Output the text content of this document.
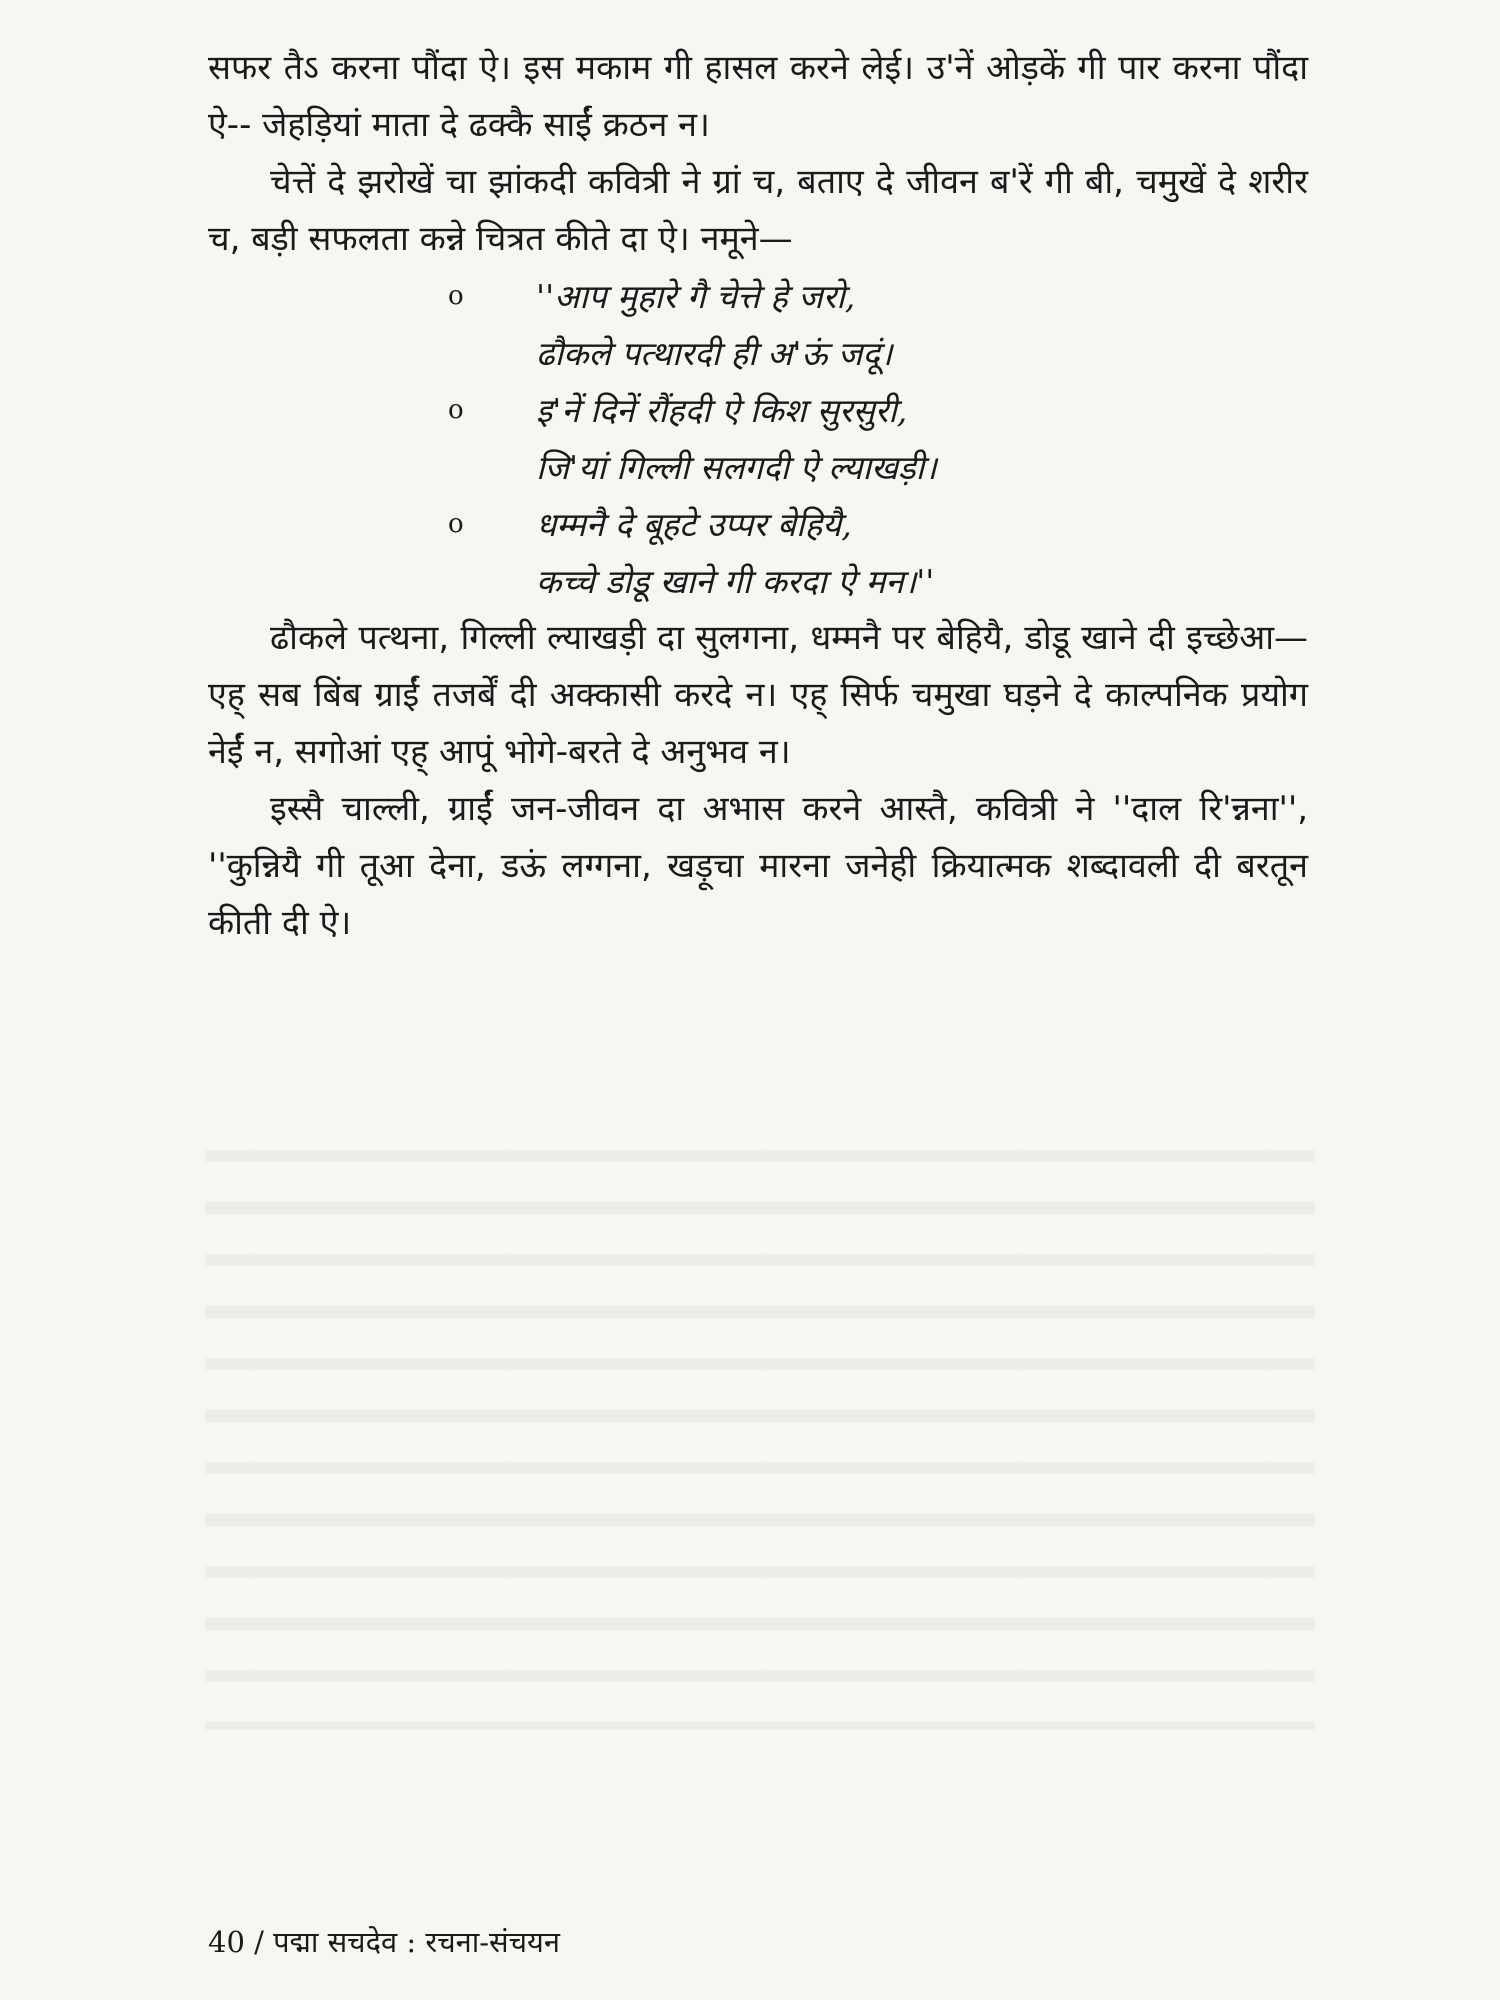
सफर तैऽ करना पौंदा ऐ। इस मकाम गी हासल करने लेई। उ'नें ओड़कें गी पार करना पौंदा ऐ-- जेहड़ियां माता दे ढक्कै साईं क्रठन न।

चेत्तें दे झरोखें चा झांकदी कवित्री ने ग्रां च, बताए दे जीवन ब'रें गी बी, चमुखें दे शरीर च, बड़ी सफलता कन्ने चित्रत कीते दा ऐ। नमूने—

o ''आप मुहारे गै चेत्ते हे जरो,
ढौकले पत्थारदी ही अ'ऊं जदूं।
o इ'नें दिनें रौंहदी ऐ किश सुरसुरी,
जि'यां गिल्ली सलगदी ऐ ल्याखड़ी।
o धम्मनै दे बूहटे उप्पर बेहियै,
कच्चे डोडू खाने गी करदा ऐ मन।''

ढौकले पत्थना, गिल्ली ल्याखड़ी दा सुलगना, धम्मनै पर बेहियै, डोडू खाने दी इच्छेआ—एह् सब बिंब ग्राईं तजर्बें दी अक्कासी करदे न। एह् सिर्फ चमुखा घड़ने दे काल्पनिक प्रयोग नेईं न, सगोआं एह् आपूं भोगे-बरते दे अनुभव न।

इस्सै चाल्ली, ग्राईं जन-जीवन दा अभास करने आस्तै, कवित्री ने ''दाल रि'न्नना'', ''कुन्नियै गी तूआ देना, डऊं लग्गना, खड़ूचा मारना जनेही क्रियात्मक शब्दावली दी बरतून कीती दी ऐ।

40 / पद्मा सचदेव : रचना-संचयन
